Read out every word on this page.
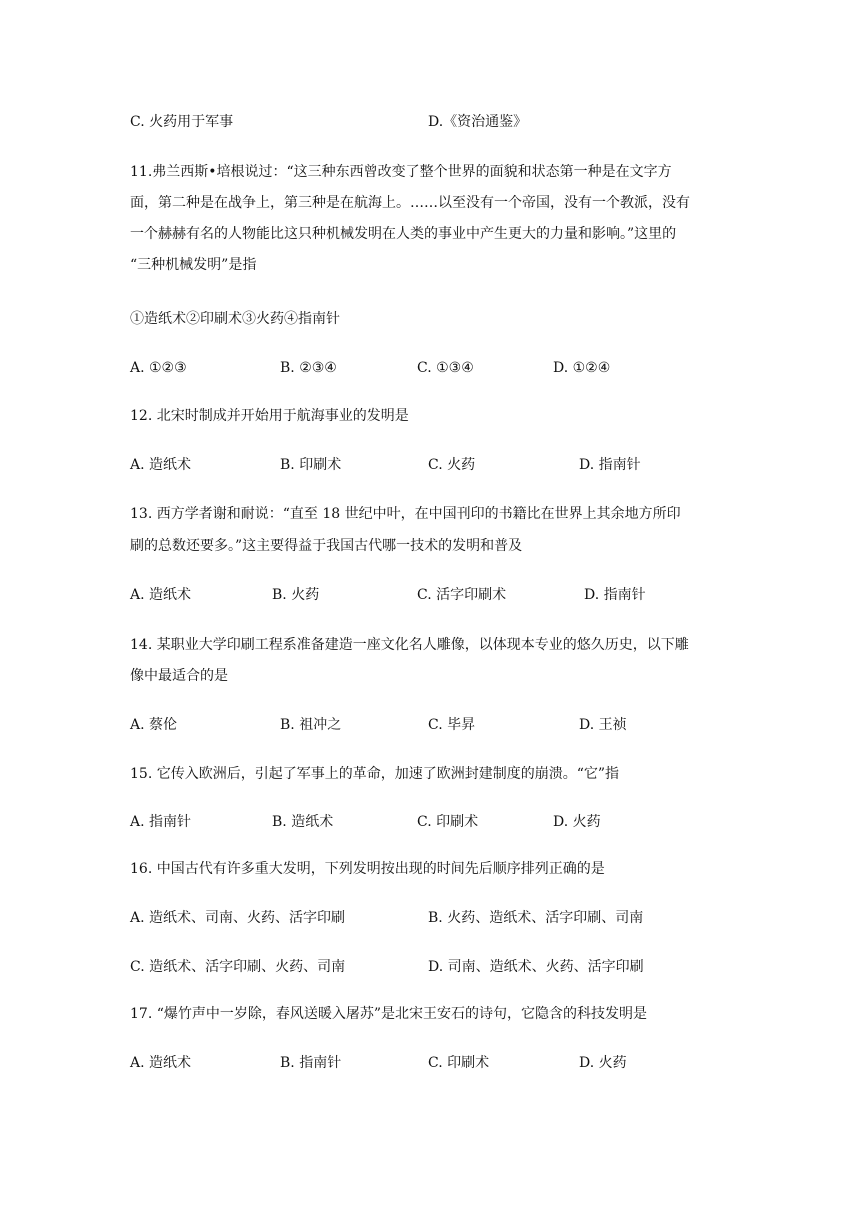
C. 火药用于军事	D.《资治通鉴》
11.弗兰西斯•培根说过：“这三种东西曾改变了整个世界的面貌和状态第一种是在文字方
面，第二种是在战争上，第三种是在航海上。……以至没有一个帝国，没有一个教派，没有
一个赫赫有名的人物能比这只种机械发明在人类的事业中产生更大的力量和影响。”这里的
“三种机械发明”是指
①造纸术②印刷术③火药④指南针
A. ①②③	B. ②③④	C. ①③④	D. ①②④
12. 北宋时制成并开始用于航海事业的发明是
A. 造纸术	B. 印刷术	C. 火药	D. 指南针
13. 西方学者谢和耐说：“直至 18 世纪中叶，在中国刊印的书籍比在世界上其余地方所印
刷的总数还要多。”这主要得益于我国古代哪一技术的发明和普及
A. 造纸术	B. 火药	C. 活字印刷术	D. 指南针
14. 某职业大学印刷工程系准备建造一座文化名人雕像，以体现本专业的悠久历史，以下雕
像中最适合的是
A. 蔡伦	B. 祖冲之	C. 毕昇	D. 王祯
15. 它传入欧洲后，引起了军事上的革命，加速了欧洲封建制度的崩溃。“它”指
A. 指南针	B. 造纸术	C. 印刷术	D. 火药
16. 中国古代有许多重大发明，下列发明按出现的时间先后顺序排列正确的是
A. 造纸术、司南、火药、活字印刷	B. 火药、造纸术、活字印刷、司南
C. 造纸术、活字印刷、火药、司南	D. 司南、造纸术、火药、活字印刷
17. “爆竹声中一岁除，春风送暖入屠苏”是北宋王安石的诗句，它隐含的科技发明是
A. 造纸术	B. 指南针	C. 印刷术	D. 火药
